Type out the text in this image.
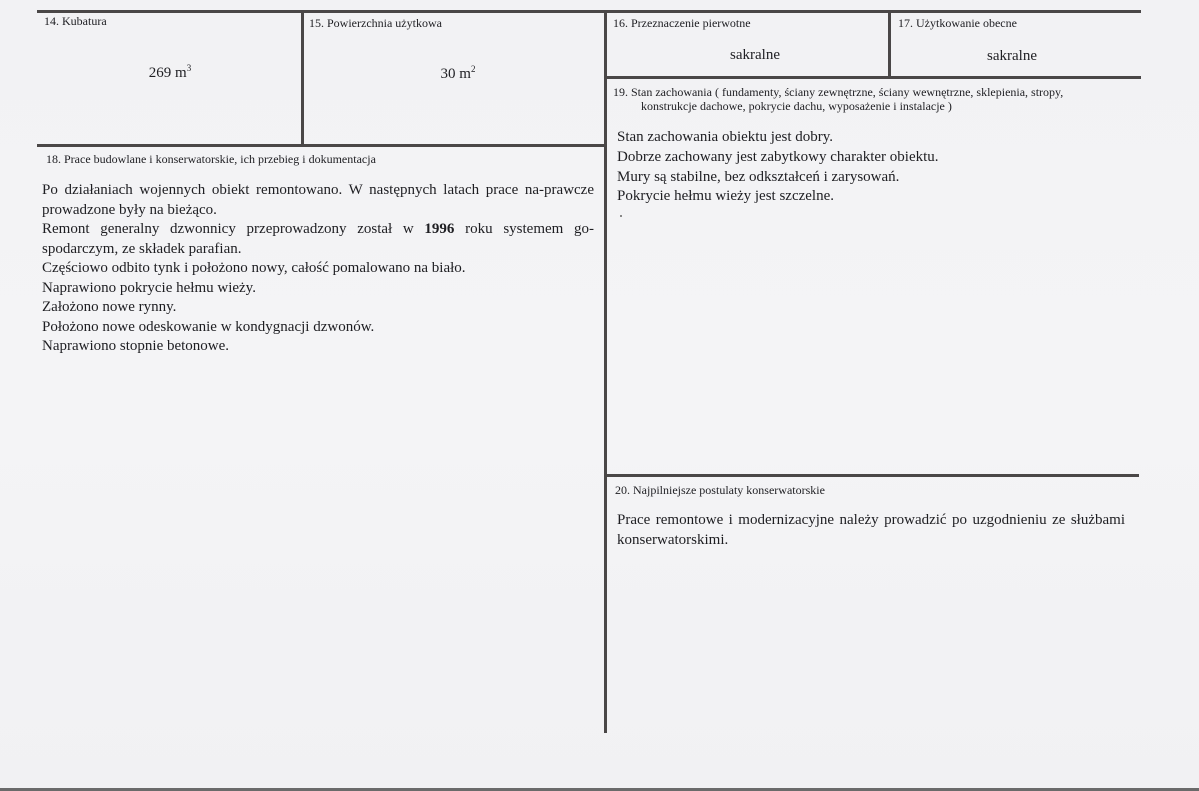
14. Kubatura
269 $m^3$
15. Powierzchnia użytkowa
30 $m^2$
16. Przeznaczenie pierwotne
sakralne
17. Użytkowanie obecne
sakralne
19. Stan zachowania ( fundamenty, ściany zewnętrzne, ściany wewnętrzne, sklepienia, stropy,
konstrukcje dachowe, pokrycie dachu, wyposażenie i instalacje )

Stan zachowania obiektu jest dobry.

Dobrze zachowany jest zabytkowy charakter obiektu.

Mury są stabilne, bez odkształceń i zarysowań.

Pokrycie hełmu wieży jest szczelne.

18. Prace budowlane i konserwatorskie, ich przebieg i dokumentacja

Po działaniach wojennych obiekt remontowano. W następnych latach prace na-prawcze prowadzone były na bieżąco.

Remont generalny dzwonnicy przeprowadzony został w 1996 roku systemem go-spodarczym, ze składek parafian.

Częściowo odbito tynk i położono nowy, całość pomalowano na biało.

Naprawiono pokrycie hełmu wieży.

Założono nowe rynny.

Położono nowe odeskowanie w kondygnacji dzwonów.

Naprawiono stopnie betonowe.

20. Najpilniejsze postulaty konserwatorskie

Prace remontowe i modernizacyjne należy prowadzić po uzgodnieniu ze służbami konserwatorskimi.
